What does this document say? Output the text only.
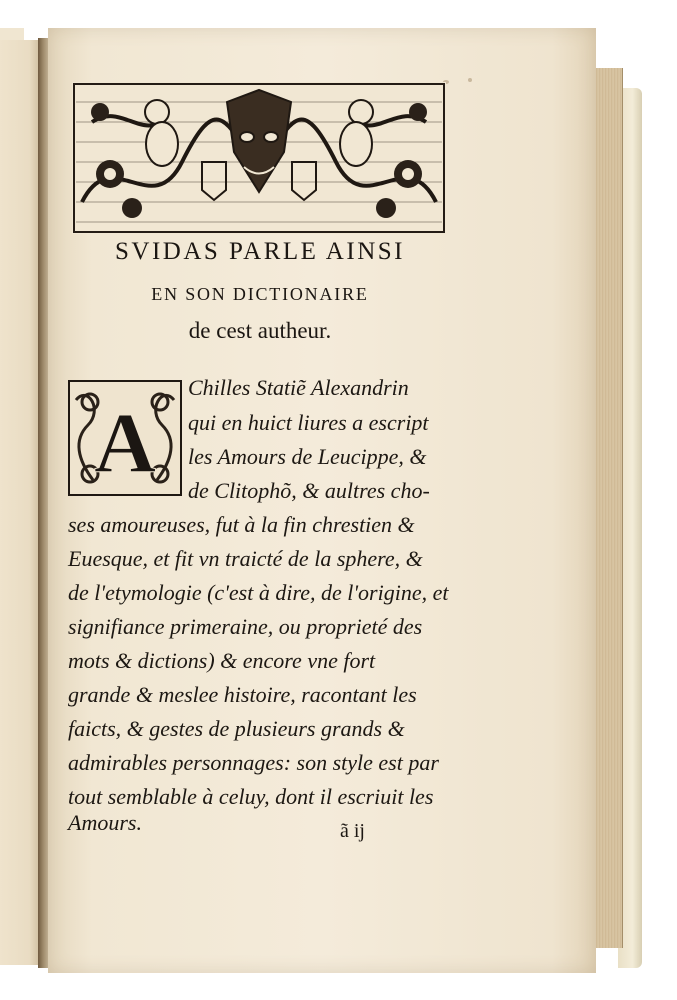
SVIDAS PARLE AINSI
EN SON DICTIONAIRE
de cest autheur.
A
Chilles Statiẽ Alexandrin
qui en huict liures a escript
les Amours de Leucippe, &
de Clitophõ, & aultres cho-
ses amoureuses, fut à la fin chrestien &
Euesque, et fit vn traicté de la sphere, &
de l'etymologie (c'est à dire, de l'origine, et
signifiance primeraine, ou proprieté des
mots & dictions) & encore vne fort
grande & meslee histoire, racontant les
faicts, & gestes de plusieurs grands &
admirables personnages: son style est par
tout semblable à celuy, dont il escriuit les
Amours.	ã ij
